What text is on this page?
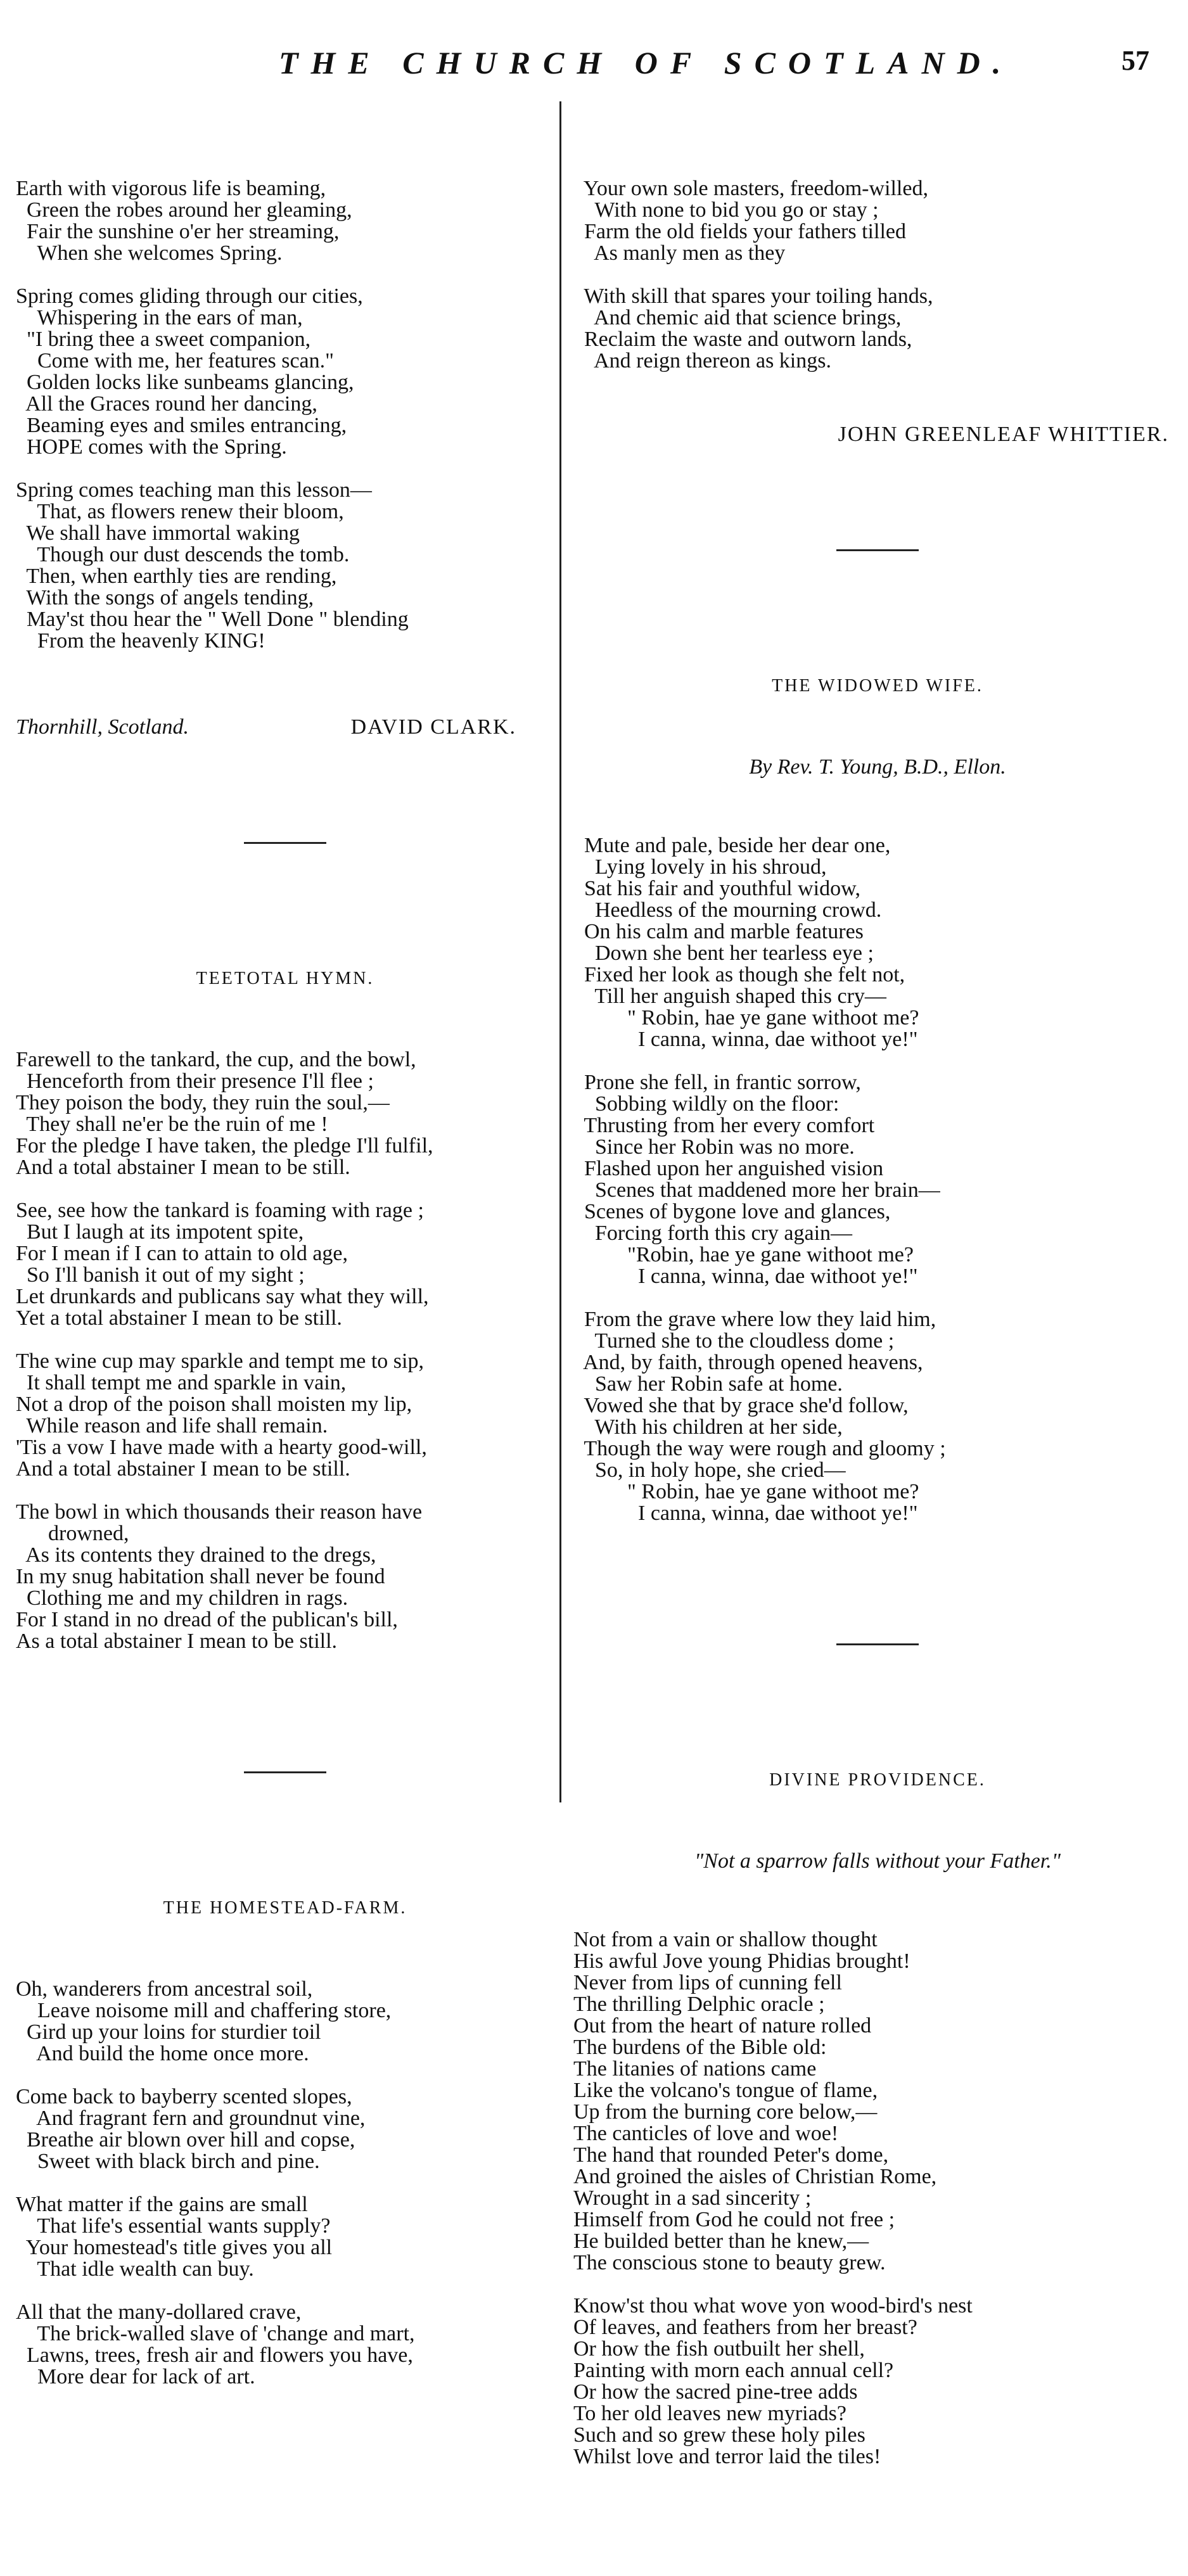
THE CHURCH OF SCOTLAND.	57

Earth with vigorous life is beaming,
Green the robes around her gleaming,
Fair the sunshine o'er her streaming,
When she welcomes Spring.
Spring comes gliding through our cities,
Whispering in the ears of man,
"I bring thee a sweet companion,
Come with me, her features scan."
Golden locks like sunbeams glancing,
All the Graces round her dancing,
Beaming eyes and smiles entrancing,
HOPE comes with the Spring.
Spring comes teaching man this lesson—
That, as flowers renew their bloom,
We shall have immortal waking
Though our dust descends the tomb.
Then, when earthly ties are rending,
With the songs of angels tending,
May'st thou hear the " Well Done " blending
From the heavenly KING!

Thornhill, Scotland.	DAVID CLARK.

TEETOTAL HYMN.

Farewell to the tankard, the cup, and the bowl,
Henceforth from their presence I'll flee ;
They poison the body, they ruin the soul,—
They shall ne'er be the ruin of me !
For the pledge I have taken, the pledge I'll fulfil,
And a total abstainer I mean to be still.
See, see how the tankard is foaming with rage ;
But I laugh at its impotent spite,
For I mean if I can to attain to old age,
So I'll banish it out of my sight ;
Let drunkards and publicans say what they will,
Yet a total abstainer I mean to be still.
The wine cup may sparkle and tempt me to sip,
It shall tempt me and sparkle in vain,
Not a drop of the poison shall moisten my lip,
While reason and life shall remain.
'Tis a vow I have made with a hearty good-will,
And a total abstainer I mean to be still.
The bowl in which thousands their reason have
drowned,
As its contents they drained to the dregs,
In my snug habitation shall never be found
Clothing me and my children in rags.
For I stand in no dread of the publican's bill,
As a total abstainer I mean to be still.

THE HOMESTEAD-FARM.

Oh, wanderers from ancestral soil,
Leave noisome mill and chaffering store,
Gird up your loins for sturdier toil
And build the home once more.
Come back to bayberry scented slopes,
And fragrant fern and groundnut vine,
Breathe air blown over hill and copse,
Sweet with black birch and pine.
What matter if the gains are small
That life's essential wants supply?
Your homestead's title gives you all
That idle wealth can buy.
All that the many-dollared crave,
The brick-walled slave of 'change and mart,
Lawns, trees, fresh air and flowers you have,
More dear for lack of art.

Your own sole masters, freedom-willed,
With none to bid you go or stay ;
Farm the old fields your fathers tilled
As manly men as they
With skill that spares your toiling hands,
And chemic aid that science brings,
Reclaim the waste and outworn lands,
And reign thereon as kings.

JOHN GREENLEAF WHITTIER.

THE WIDOWED WIFE.

By Rev. T. Young, B.D., Ellon.

Mute and pale, beside her dear one,
Lying lovely in his shroud,
Sat his fair and youthful widow,
Heedless of the mourning crowd.
On his calm and marble features
Down she bent her tearless eye ;
Fixed her look as though she felt not,
Till her anguish shaped this cry—
" Robin, hae ye gane withoot me?
I canna, winna, dae withoot ye!"
Prone she fell, in frantic sorrow,
Sobbing wildly on the floor:
Thrusting from her every comfort
Since her Robin was no more.
Flashed upon her anguished vision
Scenes that maddened more her brain—
Scenes of bygone love and glances,
Forcing forth this cry again—
"Robin, hae ye gane withoot me?
I canna, winna, dae withoot ye!"
From the grave where low they laid him,
Turned she to the cloudless dome ;
And, by faith, through opened heavens,
Saw her Robin safe at home.
Vowed she that by grace she'd follow,
With his children at her side,
Though the way were rough and gloomy ;
So, in holy hope, she cried—
" Robin, hae ye gane withoot me?
I canna, winna, dae withoot ye!"

DIVINE PROVIDENCE.

"Not a sparrow falls without your Father."

Not from a vain or shallow thought
His awful Jove young Phidias brought!
Never from lips of cunning fell
The thrilling Delphic oracle ;
Out from the heart of nature rolled
The burdens of the Bible old:
The litanies of nations came
Like the volcano's tongue of flame,
Up from the burning core below,—
The canticles of love and woe!
The hand that rounded Peter's dome,
And groined the aisles of Christian Rome,
Wrought in a sad sincerity ;
Himself from God he could not free ;
He builded better than he knew,—
The conscious stone to beauty grew.
Know'st thou what wove yon wood-bird's nest
Of leaves, and feathers from her breast?
Or how the fish outbuilt her shell,
Painting with morn each annual cell?
Or how the sacred pine-tree adds
To her old leaves new myriads?
Such and so grew these holy piles
Whilst love and terror laid the tiles!
